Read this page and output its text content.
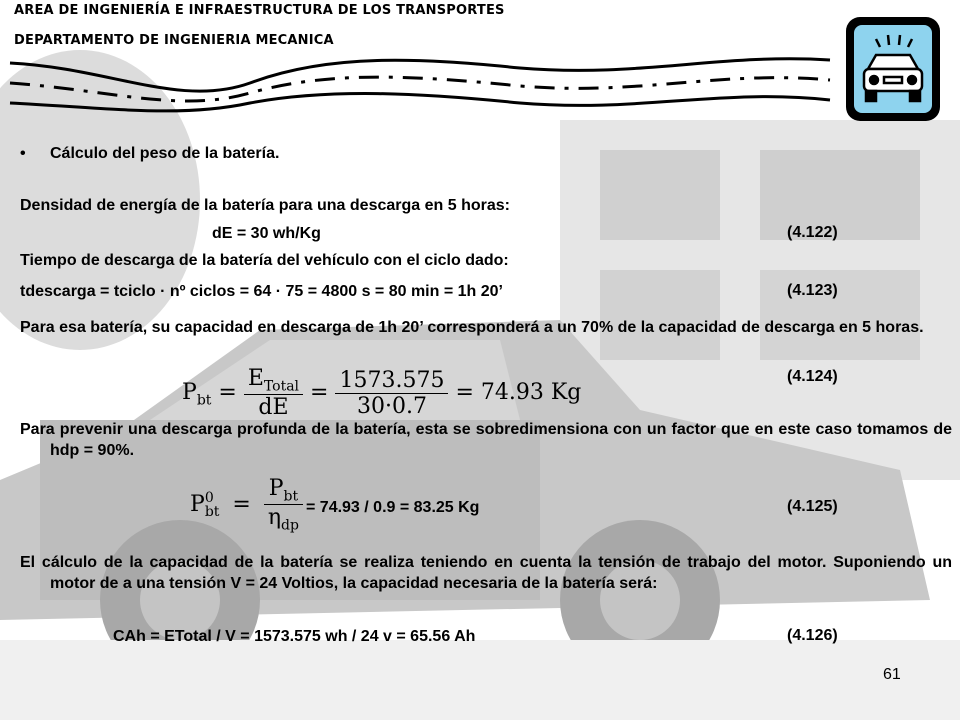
AREA DE INGENIERÍA E INFRAESTRUCTURA DE LOS TRANSPORTES
DEPARTAMENTO DE INGENIERIA MECANICA
• Cálculo del peso de la batería.
Densidad de energía de la batería para una descarga en 5 horas:
dE = 30 wh/Kg	(4.122)
Tiempo de descarga de la batería del vehículo con el ciclo dado:
tdescarga = tciclo · nº ciclos = 64 · 75 = 4800 s = 80 min = 1h 20’	(4.123)
Para esa batería, su capacidad en descarga de 1h 20’ corresponderá a un 70% de la capacidad de descarga en 5 horas.
$P_{bt} = \frac{E_{Total}}{dE} = \frac{1573.575}{30\cdot 0.7} = 74.93$ Kg
(4.124)
Para prevenir una descarga profunda de la batería, esta se sobredimensiona con un factor que en este caso tomamos de hdp = 90%.
P 0
bt = $\frac{P_{bt}}{\eta_{dp}} = 74.93 / 0.9 = 83.25$ Kg	(4.125)
El cálculo de la capacidad de la batería se realiza teniendo en cuenta la tensión de trabajo del motor. Suponiendo un motor de a una tensión V = 24 Voltios, la capacidad necesaria de la batería será:
CAh = ETotal / V = 1573.575 wh / 24 v = 65.56 Ah	(4.126)
61
